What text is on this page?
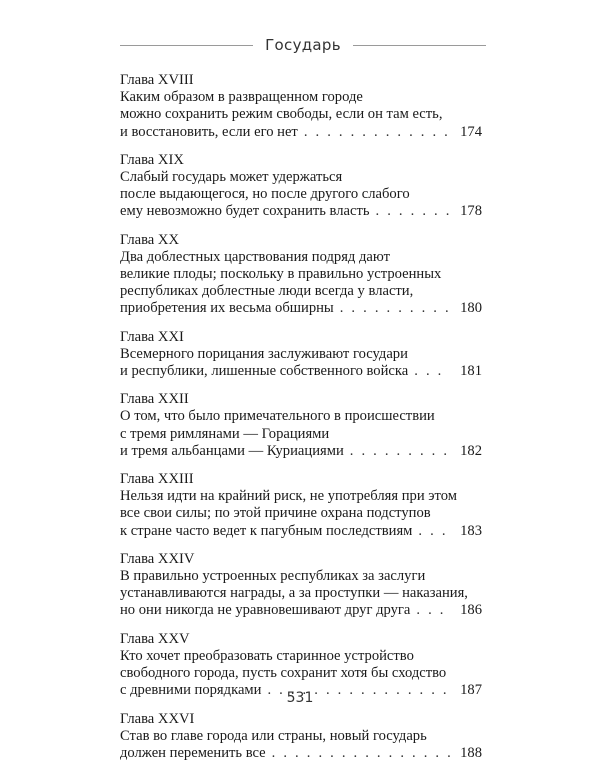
Государь
Глава XVIII
Каким образом в развращенном городе
можно сохранить режим свободы, если он там есть,
и восстановить, если его нет . . .	174
Глава XIX
Слабый государь может удержаться
после выдающегося, но после другого слабого
ему невозможно будет сохранить власть . . .	178
Глава XX
Два доблестных царствования подряд дают
великие плоды; поскольку в правильно устроенных
республиках доблестные люди всегда у власти,
приобретения их весьма обширны . . .	180
Глава XXI
Всемерного порицания заслуживают государи
и республики, лишенные собственного войска . . .	181
Глава XXII
О том, что было примечательного в происшествии
с тремя римлянами — Горациями
и тремя альбанцами — Куриациями . . .	182
Глава XXIII
Нельзя идти на крайний риск, не употребляя при этом
все свои силы; по этой причине охрана подступов
к стране часто ведет к пагубным последствиям . . .	183
Глава XXIV
В правильно устроенных республиках за заслуги
устанавливаются награды, а за проступки — наказания,
но они никогда не уравновешивают друг друга . . .	186
Глава XXV
Кто хочет преобразовать старинное устройство
свободного города, пусть сохранит хотя бы сходство
с древними порядками . . .	187
Глава XXVI
Став во главе города или страны, новый государь
должен переменить все . . .	188
531
